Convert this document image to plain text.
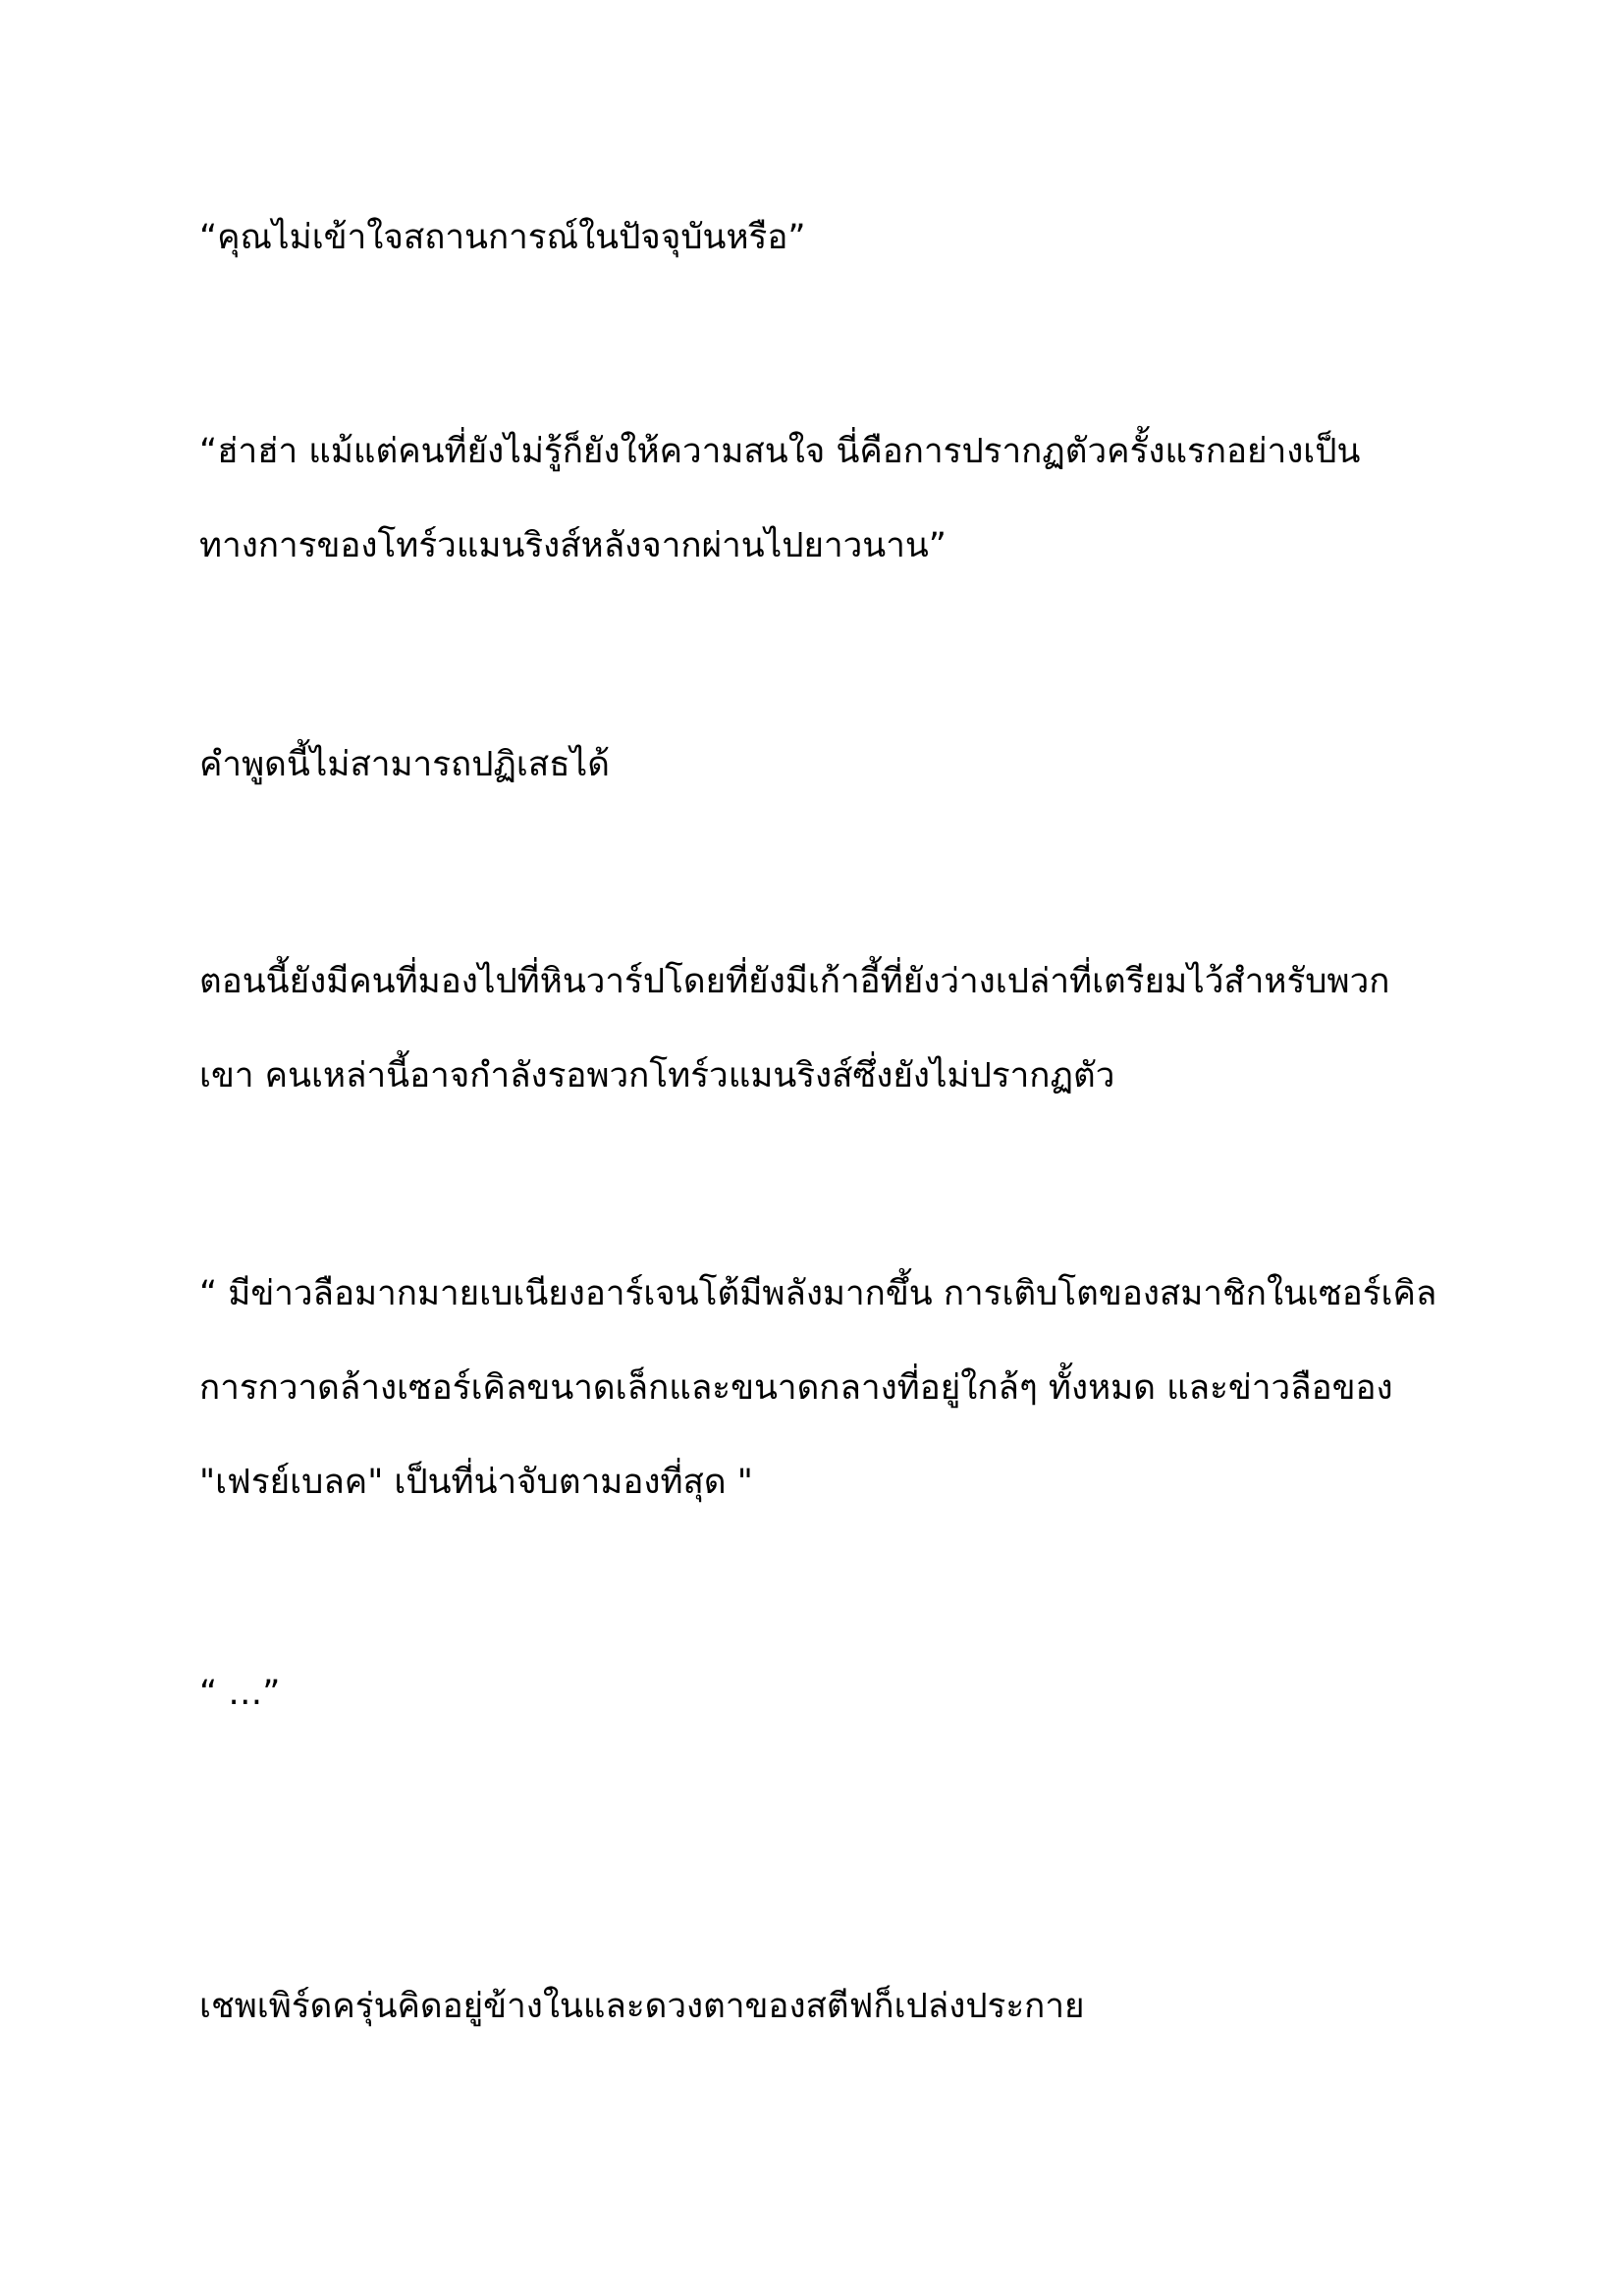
“คุณไม่เข้าใจสถานการณ์ในปัจจุบันหรือ”

“ฮ่าฮ่า แม้แต่คนที่ยังไม่รู้ก็ยังให้ความสนใจ นี่คือการปรากฏตัวครั้งแรกอย่างเป็น
ทางการของโทร์วแมนริงส์หลังจากผ่านไปยาวนาน”

คำพูดนี้ไม่สามารถปฏิเสธได้

ตอนนี้ยังมีคนที่มองไปที่หินวาร์ปโดยที่ยังมีเก้าอี้ที่ยังว่างเปล่าที่เตรียมไว้สำหรับพวก
เขา คนเหล่านี้อาจกำลังรอพวกโทร์วแมนริงส์ซึ่งยังไม่ปรากฏตัว

“ มีข่าวลือมากมายเบเนียงอาร์เจนโต้มีพลังมากขึ้น การเติบโตของสมาชิกในเซอร์เคิล
การกวาดล้างเซอร์เคิลขนาดเล็กและขนาดกลางที่อยู่ใกล้ๆ ทั้งหมด และข่าวลือของ
"เฟรย์เบลค" เป็นที่น่าจับตามองที่สุด "

“ …”

เชพเพิร์ดครุ่นคิดอยู่ข้างในและดวงตาของสตีฟก็เปล่งประกาย
